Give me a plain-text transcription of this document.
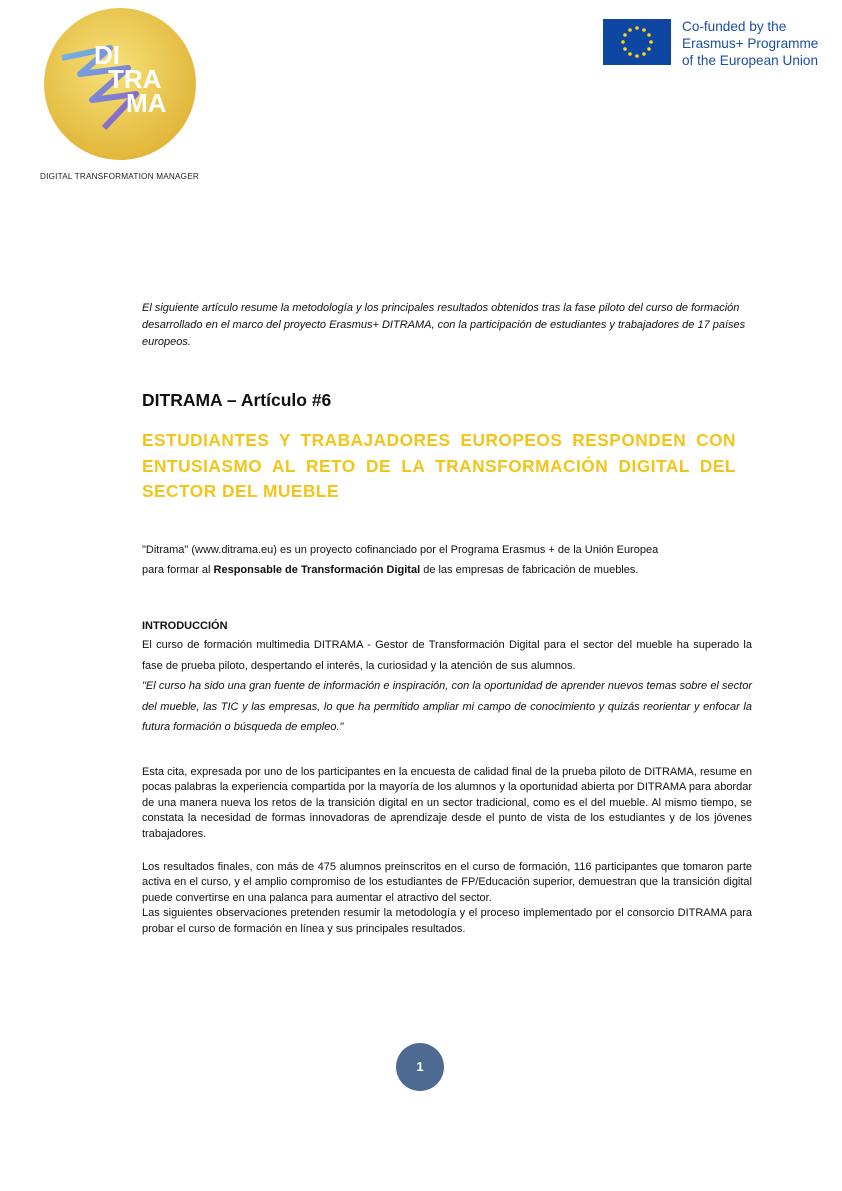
DI
TRA
MA
DIGITAL TRANSFORMATION MANAGER
Co-funded by the
Erasmus+ Programme
of the European Union

El siguiente artículo resume la metodología y los principales resultados obtenidos tras la fase piloto del curso de formación desarrollado en el marco del proyecto Erasmus+ DITRAMA, con la participación de estudiantes y trabajadores de 17 países europeos.

DITRAMA – Artículo #6
ESTUDIANTES Y TRABAJADORES EUROPEOS RESPONDEN CON ENTUSIASMO AL RETO DE LA TRANSFORMACIÓN DIGITAL DEL SECTOR DEL MUEBLE

"Ditrama" (www.ditrama.eu) es un proyecto cofinanciado por el Programa Erasmus + de la Unión Europea

para formar al Responsable de Transformación Digital de las empresas de fabricación de muebles.

INTRODUCCIÓN

El curso de formación multimedia DITRAMA - Gestor de Transformación Digital para el sector del mueble ha superado la fase de prueba piloto, despertando el interés, la curiosidad y la atención de sus alumnos.

"El curso ha sido una gran fuente de información e inspiración, con la oportunidad de aprender nuevos temas sobre el sector del mueble, las TIC y las empresas, lo que ha permitido ampliar mi campo de conocimiento y quizás reorientar y enfocar la futura formación o búsqueda de empleo."

Esta cita, expresada por uno de los participantes en la encuesta de calidad final de la prueba piloto de DITRAMA, resume en pocas palabras la experiencia compartida por la mayoría de los alumnos y la oportunidad abierta por DITRAMA para abordar de una manera nueva los retos de la transición digital en un sector tradicional, como es el del mueble. Al mismo tiempo, se constata la necesidad de formas innovadoras de aprendizaje desde el punto de vista de los estudiantes y de los jóvenes trabajadores.

Los resultados finales, con más de 475 alumnos preinscritos en el curso de formación, 116 participantes que tomaron parte activa en el curso, y el amplio compromiso de los estudiantes de FP/Educación superior, demuestran que la transición digital puede convertirse en una palanca para aumentar el atractivo del sector.

Las siguientes observaciones pretenden resumir la metodología y el proceso implementado por el consorcio DITRAMA para probar el curso de formación en línea y sus principales resultados.

1
